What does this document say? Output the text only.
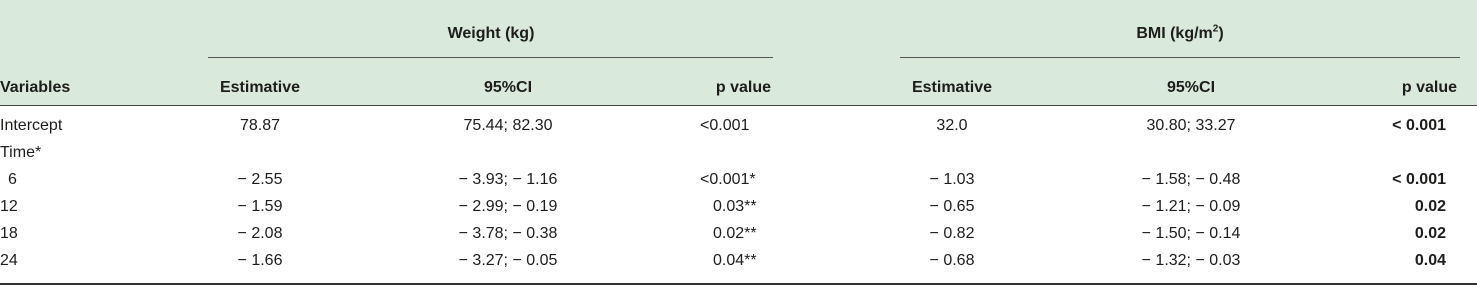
Weight (kg)	BMI $(kg/m^2)$
Variables	Estimative	95%CI	p value	Estimative	95%CI	p value
Intercept	78.87	75.44; 82.30	<0.001	32.0	30.80; 33.27	< 0.001
Time*
6	− 2.55	− 3.93; − 1.16	<0.001*	− 1.03	− 1.58; − 0.48	< 0.001
12	− 1.59	− 2.99; − 0.19	0.03**	− 0.65	− 1.21; − 0.09	0.02
18	− 2.08	− 3.78; − 0.38	0.02**	− 0.82	− 1.50; − 0.14	0.02
24	− 1.66	− 3.27; − 0.05	0.04**	− 0.68	− 1.32; − 0.03	0.04
